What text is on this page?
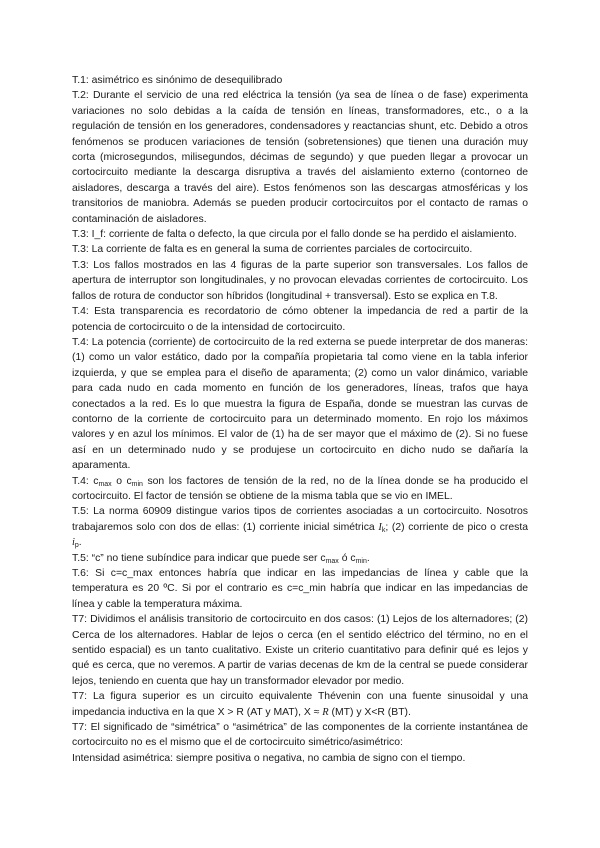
T.1: asimétrico es sinónimo de desequilibrado

T.2: Durante el servicio de una red eléctrica la tensión (ya sea de línea o de fase) experimenta variaciones no solo debidas a la caída de tensión en líneas, transformadores, etc., o a la regulación de tensión en los generadores, condensadores y reactancias shunt, etc. Debido a otros fenómenos se producen variaciones de tensión (sobretensiones) que tienen una duración muy corta (microsegundos, milisegundos, décimas de segundo) y que pueden llegar a provocar un cortocircuito mediante la descarga disruptiva a través del aislamiento externo (contorneo de aisladores, descarga a través del aire). Estos fenómenos son las descargas atmosféricas y los transitorios de maniobra. Además se pueden producir cortocircuitos por el contacto de ramas o contaminación de aisladores.

T.3: I_f: corriente de falta o defecto, la que circula por el fallo donde se ha perdido el aislamiento.

T.3: La corriente de falta es en general la suma de corrientes parciales de cortocircuito.

T.3: Los fallos mostrados en las 4 figuras de la parte superior son transversales. Los fallos de apertura de interruptor son longitudinales, y no provocan elevadas corrientes de cortocircuito. Los fallos de rotura de conductor son híbridos (longitudinal + transversal). Esto se explica en T.8.

T.4: Esta transparencia es recordatorio de cómo obtener la impedancia de red a partir de la potencia de cortocircuito o de la intensidad de cortocircuito.

T.4: La potencia (corriente) de cortocircuito de la red externa se puede interpretar de dos maneras: (1) como un valor estático, dado por la compañía propietaria tal como viene en la tabla inferior izquierda, y que se emplea para el diseño de aparamenta; (2) como un valor dinámico, variable para cada nudo en cada momento en función de los generadores, líneas, trafos que haya conectados a la red. Es lo que muestra la figura de España, donde se muestran las curvas de contorno de la corriente de cortocircuito para un determinado momento. En rojo los máximos valores y en azul los mínimos. El valor de (1) ha de ser mayor que el máximo de (2). Si no fuese así en un determinado nudo y se produjese un cortocircuito en dicho nudo se dañaría la aparamenta.

T.4: $c_{max}$ o $c_{min}$ son los factores de tensión de la red, no de la línea donde se ha producido el cortocircuito. El factor de tensión se obtiene de la misma tabla que se vio en IMEL.

T.5: La norma 60909 distingue varios tipos de corrientes asociadas a un cortocircuito. Nosotros trabajaremos solo con dos de ellas: (1) corriente inicial simétrica $I_k$; (2) corriente de pico o cresta $i_p$.

T.5: “c” no tiene subíndice para indicar que puede ser $c_{max}$ ó $c_{min}$.

T.6: Si c=c_max entonces habría que indicar en las impedancias de línea y cable que la temperatura es 20 ºC. Si por el contrario es c=c_min habría que indicar en las impedancias de línea y cable la temperatura máxima.

T7: Dividimos el análisis transitorio de cortocircuito en dos casos: (1) Lejos de los alternadores; (2) Cerca de los alternadores. Hablar de lejos o cerca (en el sentido eléctrico del término, no en el sentido espacial) es un tanto cualitativo. Existe un criterio cuantitativo para definir qué es lejos y qué es cerca, que no veremos. A partir de varias decenas de km de la central se puede considerar lejos, teniendo en cuenta que hay un transformador elevador por medio.

T7: La figura superior es un circuito equivalente Thévenin con una fuente sinusoidal y una impedancia inductiva en la que X > R (AT y MAT), X ≈ R (MT) y X<R (BT).

T7: El significado de “simétrica” o “asimétrica” de las componentes de la corriente instantánea de cortocircuito no es el mismo que el de cortocircuito simétrico/asimétrico:

Intensidad asimétrica: siempre positiva o negativa, no cambia de signo con el tiempo.
